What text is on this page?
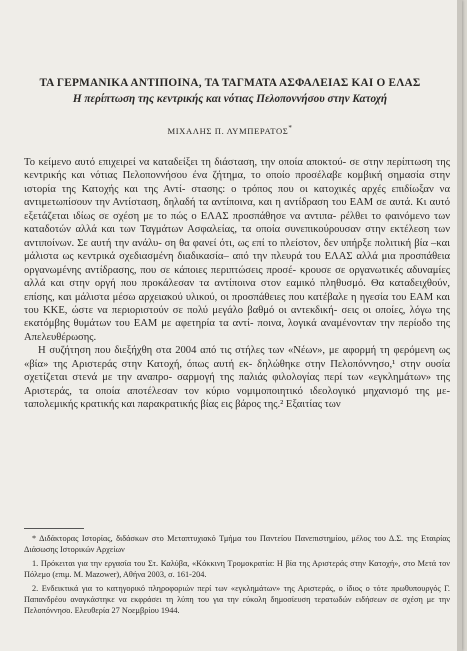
ΤΑ ΓΕΡΜΑΝΙΚΑ ΑΝΤΙΠΟΙΝΑ, ΤΑ ΤΑΓΜΑΤΑ ΑΣΦΑΛΕΙΑΣ ΚΑΙ Ο ΕΛΑΣ
Η περίπτωση της κεντρικής και νότιας Πελοποννήσου στην Κατοχή
ΜΙΧΑΛΗΣ Π. ΛΥΜΠΕΡΑΤΟΣ*

Το κείμενο αυτό επιχειρεί να καταδείξει τη διάσταση, την οποία αποκτού- σε στην περίπτωση της κεντρικής και νότιας Πελοποννήσου ένα ζήτημα, το οποίο προσέλαβε κομβική σημασία στην ιστορία της Κατοχής και της Αντί- στασης: ο τρόπος που οι κατοχικές αρχές επιδίωξαν να αντιμετωπίσουν την Αντίσταση, δηλαδή τα αντίποινα, και η αντίδραση του ΕΑΜ σε αυτά. Κι αυτό εξετάζεται ιδίως σε σχέση με το πώς ο ΕΛΑΣ προσπάθησε να αντιπα- ρέλθει το φαινόμενο των καταδοτών αλλά και των Ταγμάτων Ασφαλείας, τα οποία συνεπικούρουσαν στην εκτέλεση των αντιποίνων. Σε αυτή την ανάλυ- ση θα φανεί ότι, ως επί το πλείστον, δεν υπήρξε πολιτική βία –και μάλιστα ως κεντρικά σχεδιασμένη διαδικασία– από την πλευρά του ΕΛΑΣ αλλά μια προσπάθεια οργανωμένης αντίδρασης, που σε κάποιες περιπτώσεις προσέ- κρουσε σε οργανωτικές αδυναμίες αλλά και στην οργή που προκάλεσαν τα αντίποινα στον εαμικό πληθυσμό. Θα καταδειχθούν, επίσης, και μάλιστα μέσω αρχειακού υλικού, οι προσπάθειες που κατέβαλε η ηγεσία του ΕΑΜ και του ΚΚΕ, ώστε να περιοριστούν σε πολύ μεγάλο βαθμό οι αντεκδική- σεις οι οποίες, λόγω της εκατόμβης θυμάτων του ΕΑΜ με αφετηρία τα αντί- ποινα, λογικά αναμένονταν την περίοδο της Απελευθέρωσης.

Η συζήτηση που διεξήχθη στα 2004 από τις στήλες των «Νέων», με αφορμή τη φερόμενη ως «βία» της Αριστεράς στην Κατοχή, όπως αυτή εκ- δηλώθηκε στην Πελοπόννησο,¹ στην ουσία σχετίζεται στενά με την αναπρο- σαρμογή της παλιάς φιλολογίας περί των «εγκλημάτων» της Αριστεράς, τα οποία αποτέλεσαν τον κύριο νομιμοποιητικό ιδεολογικό μηχανισμό της με- ταπολεμικής κρατικής και παρακρατικής βίας εις βάρος της.² Εξαιτίας των

* Διδάκτορας Ιστορίας, διδάσκων στο Μεταπτυχιακό Τμήμα του Παντείου Πανεπιστημίου, μέλος του Δ.Σ. της Εταιρίας Διάσωσης Ιστορικών Αρχείων

1. Πρόκειται για την εργασία του Στ. Καλύβα, «Κόκκινη Τρομοκρατία: Η βία της Αριστεράς στην Κατοχή», στο Μετά τον Πόλεμο (επιμ. Μ. Mazower), Αθήνα 2003, σ. 161-204.

2. Ενδεικτικά για το κατηγορικό πληροφοριών περί των «εγκλημάτων» της Αριστεράς, ο ίδιος ο τότε πρωθυπουργός Γ. Παπανδρέου αναγκάστηκε να εκφράσει τη λύπη του για την εύκολη δημοσίευση τερατωδών ειδήσεων σε σχέση με την Πελοπόννησο. Ελευθερία 27 Νοεμβρίου 1944.
